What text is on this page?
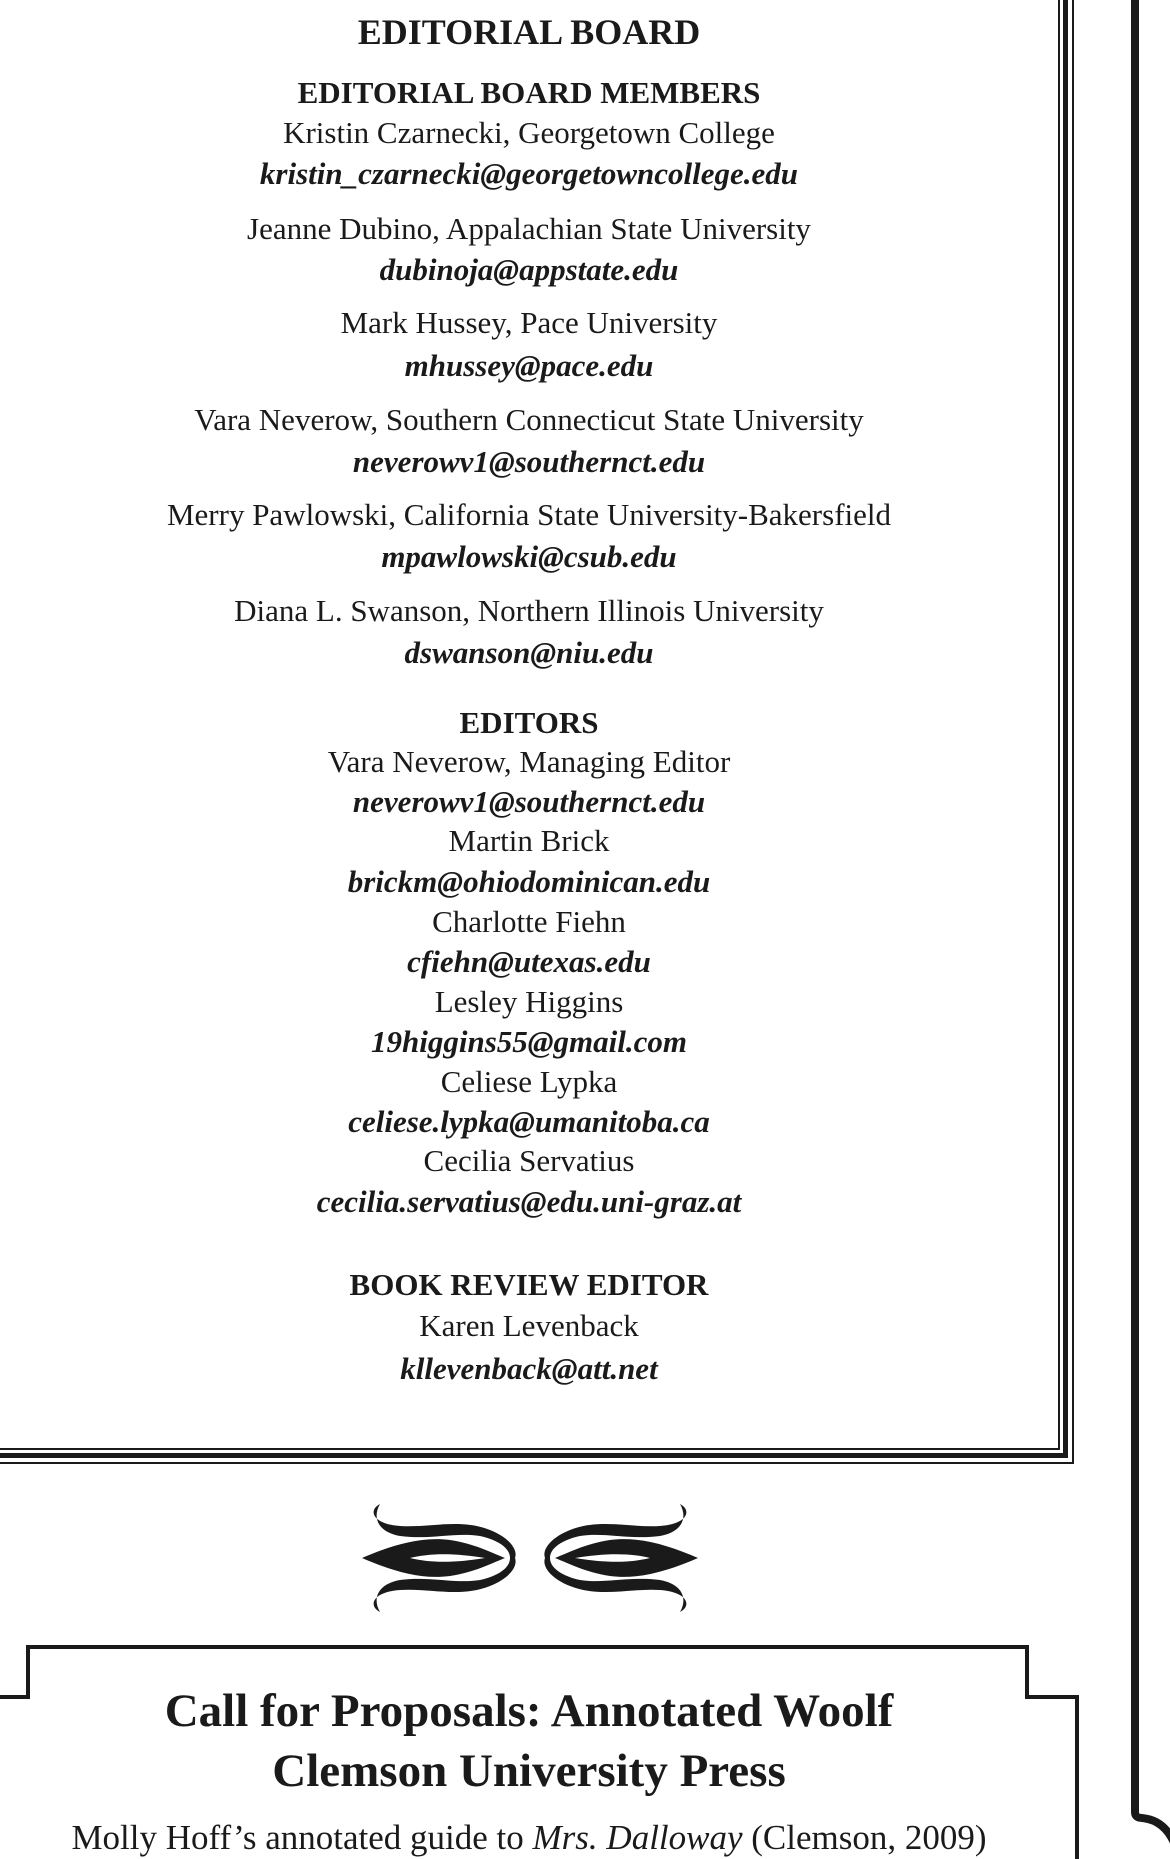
EDITORIAL BOARD
EDITORIAL BOARD MEMBERS
Kristin Czarnecki, Georgetown College
kristin_czarnecki@georgetowncollege.edu
Jeanne Dubino, Appalachian State University
dubinoja@appstate.edu
Mark Hussey, Pace University
mhussey@pace.edu
Vara Neverow, Southern Connecticut State University
neverowv1@southernct.edu
Merry Pawlowski, California State University-Bakersfield
mpawlowski@csub.edu
Diana L. Swanson, Northern Illinois University
dswanson@niu.edu
EDITORS
Vara Neverow, Managing Editor
neverowv1@southernct.edu
Martin Brick
brickm@ohiodominican.edu
Charlotte Fiehn
cfiehn@utexas.edu
Lesley Higgins
19higgins55@gmail.com
Celiese Lypka
celiese.lypka@umanitoba.ca
Cecilia Servatius
cecilia.servatius@edu.uni-graz.at
BOOK REVIEW EDITOR
Karen Levenback
kllevenback@att.net
Call for Proposals: Annotated Woolf
Clemson University Press
Molly Hoff’s annotated guide to Mrs. Dalloway (Clemson, 2009)
